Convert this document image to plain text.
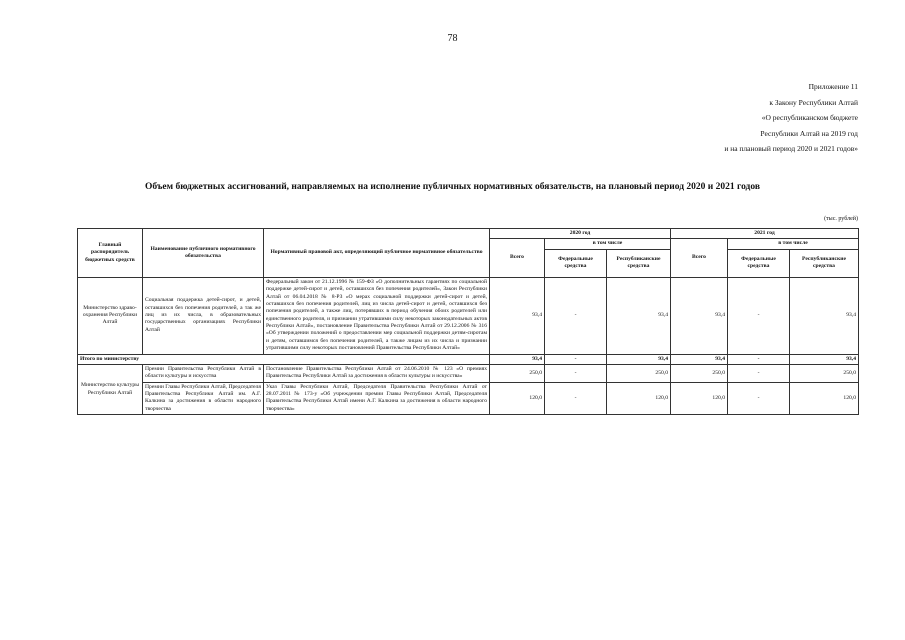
78
Приложение 11
к Закону Республики Алтай
«О республиканском бюджете
Республики Алтай на 2019 год
и на плановый период 2020 и 2021 годов»
Объем бюджетных ассигнований, направляемых на исполнение публичных нормативных обязательств, на плановый период 2020 и 2021 годов
(тыс. рублей)
Главный распорядитель бюджетных средств	Наименование публичного нормативного обязательства	Нормативный правовой акт, определяющий публичное нормативное обязательство	2020 год			2021 год		
			Всего	в том числе		Всего	в том числе	
				Федеральные средства	Республиканские средства		Федеральные средства	Республиканские средства
Министерство здраво-охранения Республики Алтай	Социальная поддержка детей-сирот, и детей, оставшихся без попечения родителей, а так же лиц из их числа, в образовательных государственных организациях Республики Алтай	Федеральный закон от 21.12.1996 № 159-ФЗ «О дополнительных гарантиях по социальной поддержке детей-сирот и детей, оставшихся без попечения родителей», Закон Республики Алтай от 06.04.2018 № 8-РЗ «О мерах социальной поддержки детей-сирот и детей, оставшихся без попечения родителей, лиц из числа детей-сирот и детей, оставшихся без попечения родителей, а также лиц, потерявших в период обучения обоих родителей или единственного родителя, и признании утратившими силу некоторых законодательных актов Республики Алтай», постановление Правительства Республики Алтай от 29.12.2006 № 316 «Об утверждении положений о предоставлении мер социальной поддержки детям-сиротам и детям, оставшимся без попечения родителей, а также лицам из их числа и признании утратившими силу некоторых постановлений Правительства Республики Алтай»	93,4	-	93,4	93,4	-	93,4
Итого по министерству			93,4	-	93,4	93,4	-	93,4
Министерство культуры Республики Алтай	Премии Правительства Республики Алтай в области культуры и искусства	Постановление Правительства Республики Алтай от 24.06.2010 № 123 «О премиях Правительства Республики Алтай за достижения в области культуры и искусства»	250,0	-	250,0	250,0	-	250,0
	Премии Главы Республики Алтай, Председателя Правительства Республики Алтай им. А.Г. Калкина за достижения в области народного творчества	Указ Главы Республики Алтай, Председателя Правительства Республики Алтай от 28.07.2011 № 173-у «Об учреждении премии Главы Республики Алтай, Председателя Правительства Республики Алтай имени А.Г. Калкина за достижения в области народного творчества»	120,0	-	120,0	120,0	-	120,0
